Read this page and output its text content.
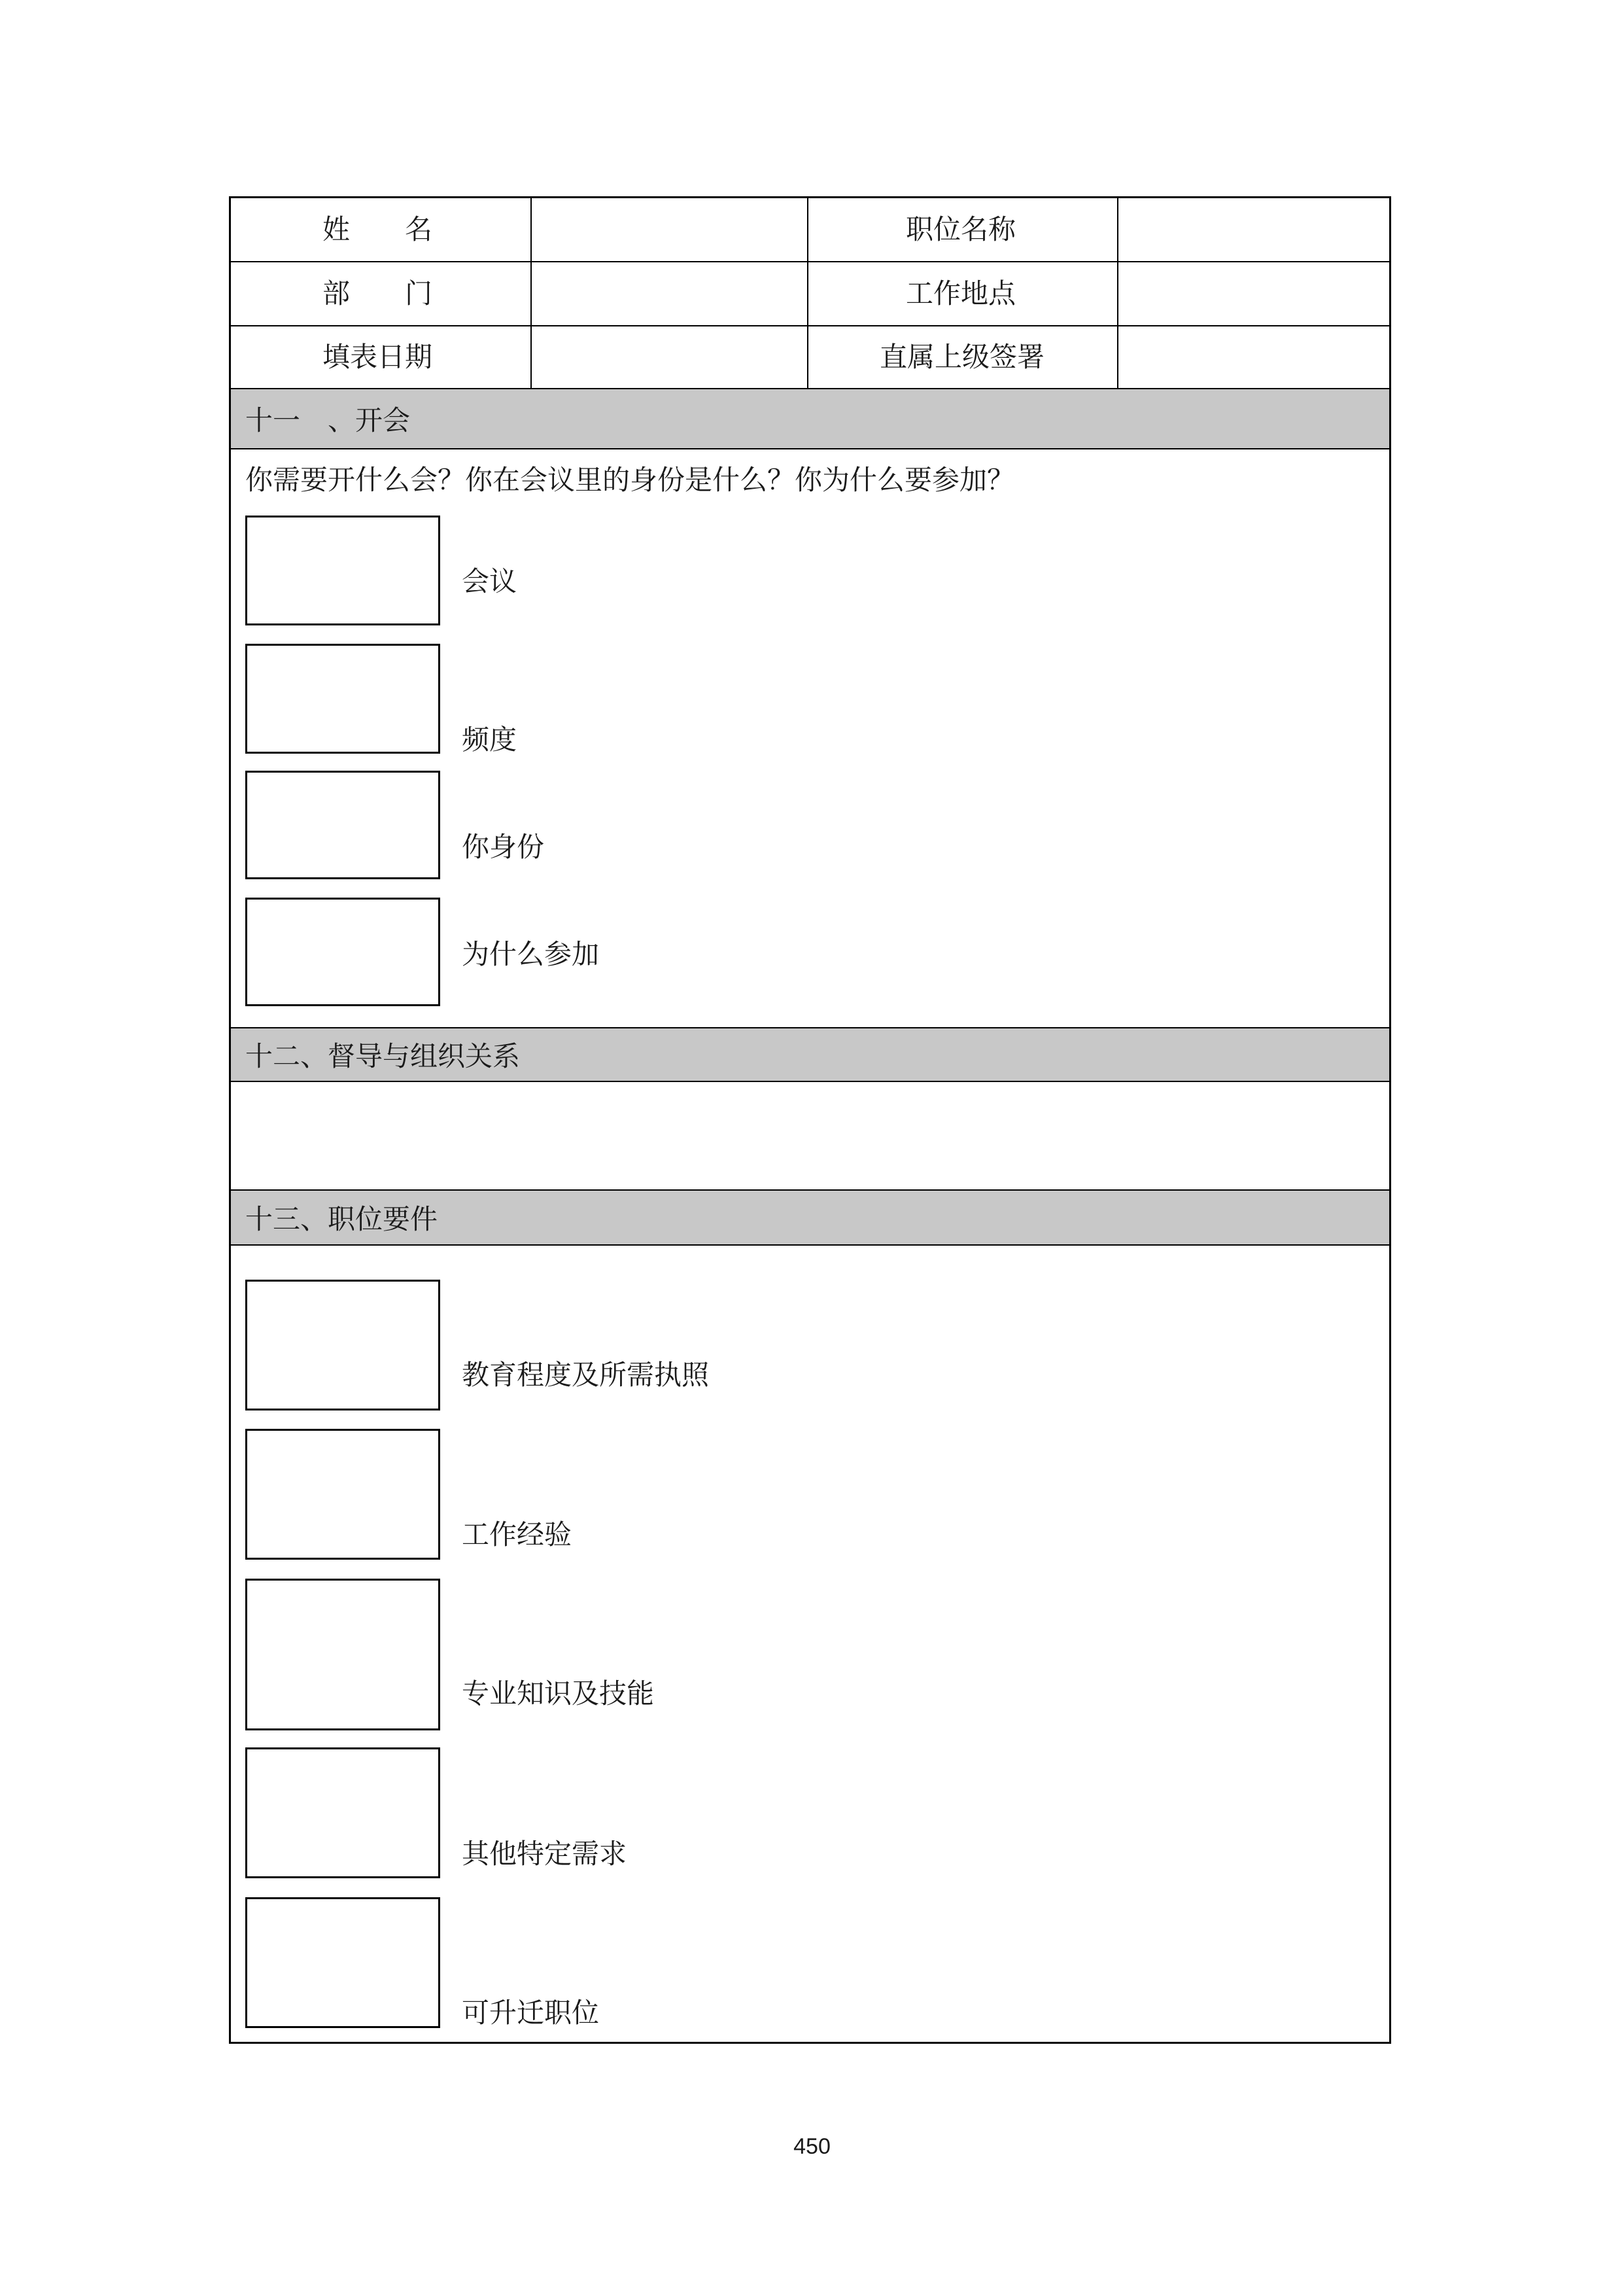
姓　　名	职位名称
部　　门	工作地点
填表日期	直属上级签署
十一　、开会
你需要开什么会？你在会议里的身份是什么？你为什么要参加？
会议
频度
你身份
为什么参加
十二、督导与组织关系
十三、职位要件
教育程度及所需执照
工作经验
专业知识及技能
其他特定需求
可升迁职位
450
